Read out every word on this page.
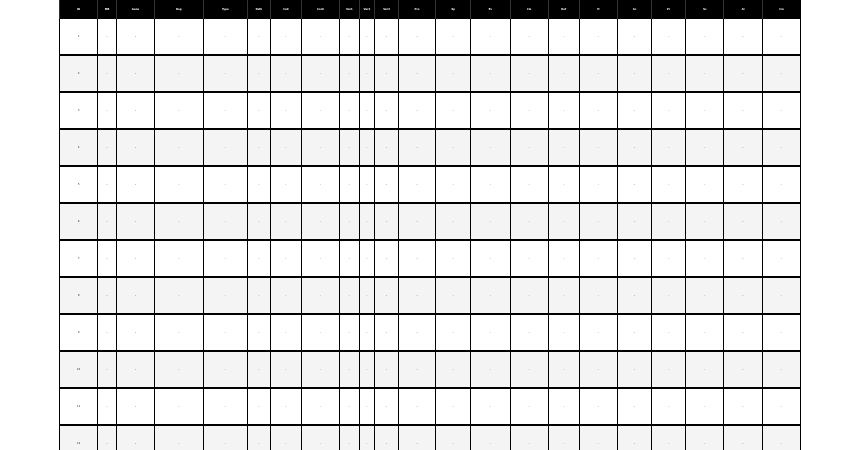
ID	MB	Gene	Reg	Type	Path	Call	Cont	Var1	Var2	Var3	Pre	Sp	Ev	Cls	Ref	Tr	Ac	Pr	Sc	Al	Cm
1	–	–	–	–	–	–	–	–	–	–	–	–	–	–	–	–	–	–	–	–	–
2	–	–	–	–	–	–	–	–	–	–	–	–	–	–	–	–	–	–	–	–	–
3	–	–	–	–	–	–	–	–	–	–	–	–	–	–	–	–	–	–	–	–	–
4	–	–	–	–	–	–	–	–	–	–	–	–	–	–	–	–	–	–	–	–	–
5	–	–	–	–	–	–	–	–	–	–	–	–	–	–	–	–	–	–	–	–	–
6	–	–	–	–	–	–	–	–	–	–	–	–	–	–	–	–	–	–	–	–	–
7	–	–	–	–	–	–	–	–	–	–	–	–	–	–	–	–	–	–	–	–	–
8	–	–	–	–	–	–	–	–	–	–	–	–	–	–	–	–	–	–	–	–	–
9	–	–	–	–	–	–	–	–	–	–	–	–	–	–	–	–	–	–	–	–	–
10	–	–	–	–	–	–	–	–	–	–	–	–	–	–	–	–	–	–	–	–	–
11	–	–	–	–	–	–	–	–	–	–	–	–	–	–	–	–	–	–	–	–	–
12	–	–	–	–	–	–	–	–	–	–	–	–	–	–	–	–	–	–	–	–	–
